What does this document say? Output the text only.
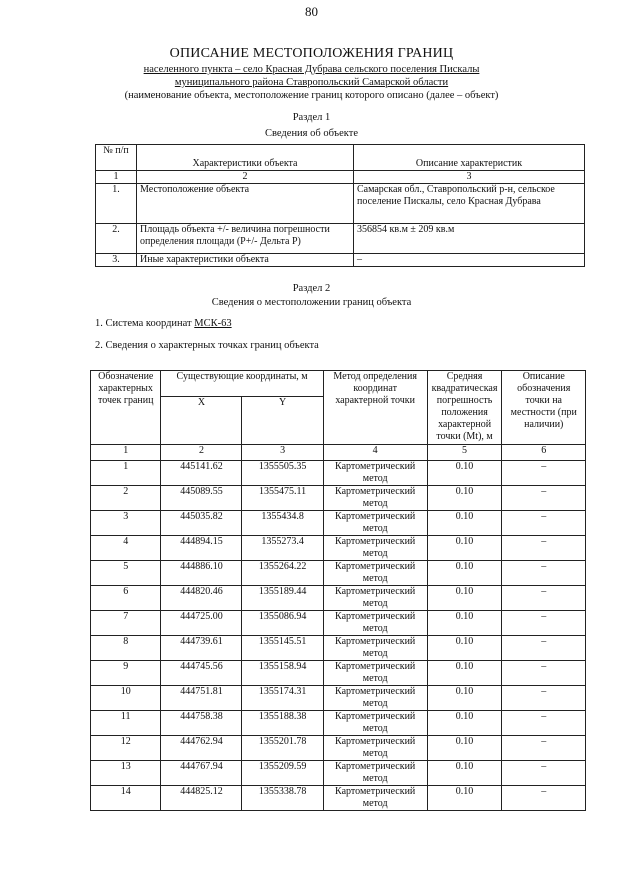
80
ОПИСАНИЕ МЕСТОПОЛОЖЕНИЯ ГРАНИЦ
населенного пункта – село Красная Дубрава сельского поселения Пискалы
муниципального района Ставропольский Самарской области
(наименование объекта, местоположение границ которого описано (далее – объект)
Раздел 1
Сведения об объекте
№ п/п	Характеристики объекта	Описание характеристик
1	2	3
1.	Местоположение объекта	Самарская обл., Ставропольский р-н, сельское поселение Пискалы, село Красная Дубрава
2.	Площадь объекта +/- величина погрешности определения площади (Р+/- Дельта Р)	356854 кв.м ± 209 кв.м
3.	Иные характеристики объекта	–
Раздел 2
Сведения о местоположении границ объекта
1. Система координат МСК-63
2. Сведения о характерных точках границ объекта
Обозначение характерных точек границ	Существующие координаты, м		Метод определения координат характерной точки	Средняя квадратическая погрешность положения характерной точки (Mt), м	Описание обозначения точки на местности (при наличии)
	X	Y			
1	2	3	4	5	6
1	445141.62	1355505.35	Картометрический метод	0.10	–
2	445089.55	1355475.11	Картометрический метод	0.10	–
3	445035.82	1355434.8	Картометрический метод	0.10	–
4	444894.15	1355273.4	Картометрический метод	0.10	–
5	444886.10	1355264.22	Картометрический метод	0.10	–
6	444820.46	1355189.44	Картометрический метод	0.10	–
7	444725.00	1355086.94	Картометрический метод	0.10	–
8	444739.61	1355145.51	Картометрический метод	0.10	–
9	444745.56	1355158.94	Картометрический метод	0.10	–
10	444751.81	1355174.31	Картометрический метод	0.10	–
11	444758.38	1355188.38	Картометрический метод	0.10	–
12	444762.94	1355201.78	Картометрический метод	0.10	–
13	444767.94	1355209.59	Картометрический метод	0.10	–
14	444825.12	1355338.78	Картометрический метод	0.10	–
